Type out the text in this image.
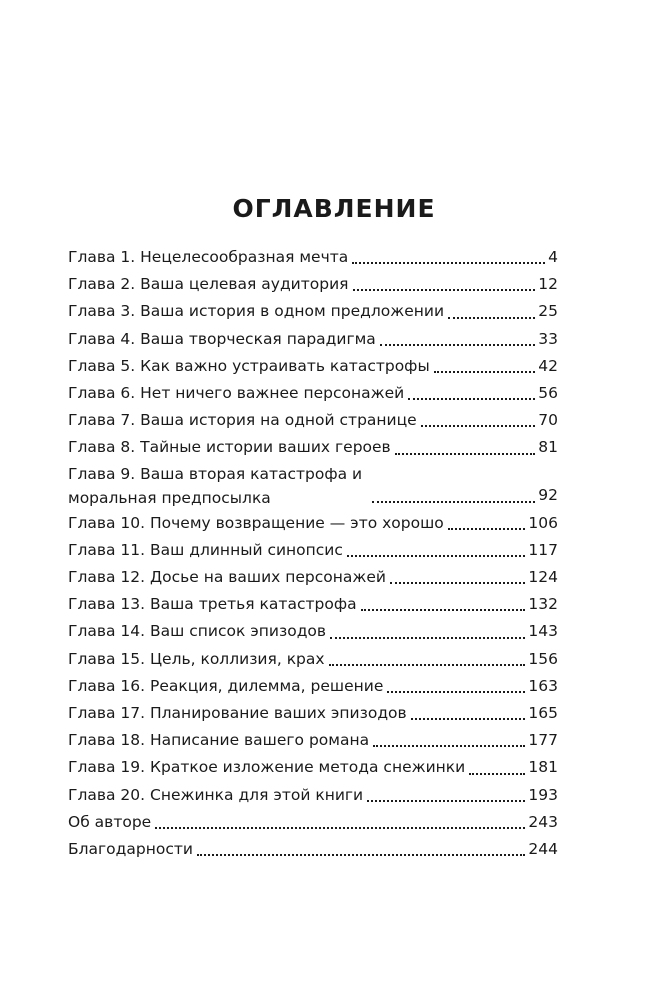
ОГЛАВЛЕНИЕ
Глава 1. Нецелесообразная мечта	4
Глава 2. Ваша целевая аудитория	12
Глава 3. Ваша история в одном предложении	25
Глава 4. Ваша творческая парадигма	33
Глава 5. Как важно устраивать катастрофы	42
Глава 6. Нет ничего важнее персонажей	56
Глава 7. Ваша история на одной странице	70
Глава 8. Тайные истории ваших героев	81
Глава 9. Ваша вторая катастрофа и моральная предпосылка	92
Глава 10. Почему возвращение — это хорошо	106
Глава 11. Ваш длинный синопсис	117
Глава 12. Досье на ваших персонажей	124
Глава 13. Ваша третья катастрофа	132
Глава 14. Ваш список эпизодов	143
Глава 15. Цель, коллизия, крах	156
Глава 16. Реакция, дилемма, решение	163
Глава 17. Планирование ваших эпизодов	165
Глава 18. Написание вашего романа	177
Глава 19. Краткое изложение метода снежинки	181
Глава 20. Снежинка для этой книги	193
Об авторе	243
Благодарности	244
